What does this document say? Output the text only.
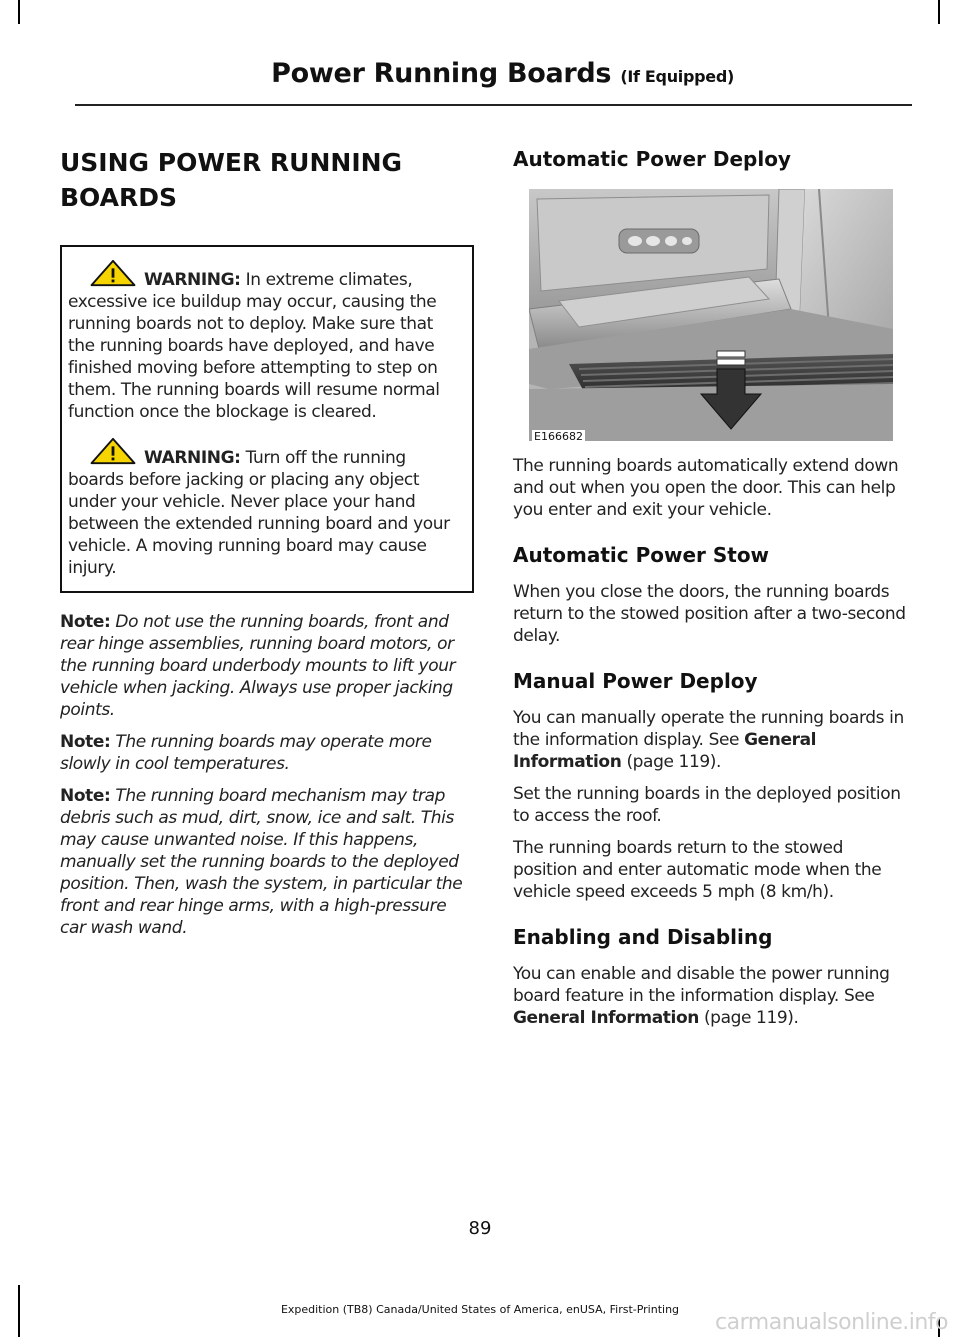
Power Running Boards (If Equipped)
USING POWER RUNNING
BOARDS

WARNING: In extreme climates, excessive ice buildup may occur, causing the running boards not to deploy. Make sure that the running boards have deployed, and have finished moving before attempting to step on them. The running boards will resume normal function once the blockage is cleared.

WARNING: Turn off the running boards before jacking or placing any object under your vehicle. Never place your hand between the extended running board and your vehicle. A moving running board may cause injury.

Note: Do not use the running boards, front and rear hinge assemblies, running board motors, or the running board underbody mounts to lift your vehicle when jacking. Always use proper jacking points.

Note: The running boards may operate more slowly in cool temperatures.

Note: The running board mechanism may trap debris such as mud, dirt, snow, ice and salt. This may cause unwanted noise. If this happens, manually set the running boards to the deployed position. Then, wash the system, in particular the front and rear hinge arms, with a high-pressure car wash wand.

Automatic Power Deploy
E166682

The running boards automatically extend down and out when you open the door. This can help you enter and exit your vehicle.

Automatic Power Stow

When you close the doors, the running boards return to the stowed position after a two-second delay.

Manual Power Deploy

You can manually operate the running boards in the information display. See General Information (page 119).

Set the running boards in the deployed position to access the roof.

The running boards return to the stowed position and enter automatic mode when the vehicle speed exceeds 5 mph (8 km/h).

Enabling and Disabling

You can enable and disable the power running board feature in the information display. See General Information (page 119).

89
Expedition (TB8) Canada/United States of America, enUSA, First-Printing
carmanualsonline.info
